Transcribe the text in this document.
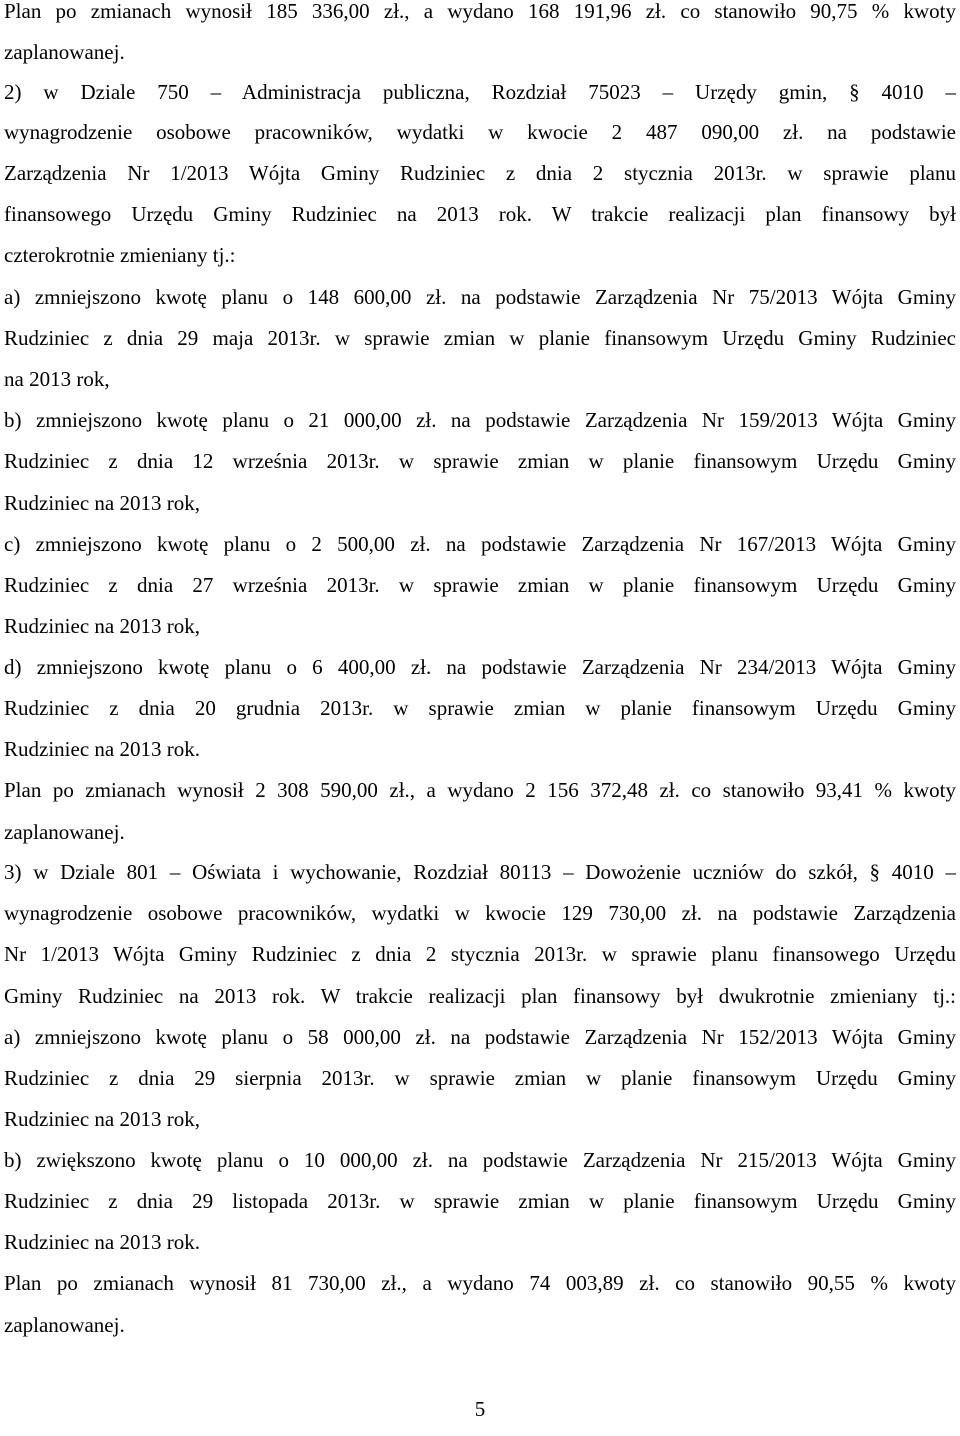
Plan po zmianach wynosił 185 336,00 zł., a wydano 168 191,96 zł. co stanowiło 90,75 % kwoty
zaplanowanej.
2) w Dziale 750 – Administracja publiczna, Rozdział 75023 – Urzędy gmin, § 4010 –
wynagrodzenie osobowe pracowników, wydatki w kwocie 2 487 090,00 zł. na podstawie
Zarządzenia Nr 1/2013 Wójta Gminy Rudziniec z dnia 2 stycznia 2013r. w sprawie planu
finansowego Urzędu Gminy Rudziniec na 2013 rok. W trakcie realizacji plan finansowy był
czterokrotnie zmieniany tj.:
a) zmniejszono kwotę planu o 148 600,00 zł. na podstawie Zarządzenia Nr 75/2013 Wójta Gminy
Rudziniec z dnia 29 maja 2013r. w sprawie zmian w planie finansowym Urzędu Gminy Rudziniec
na 2013 rok,
b) zmniejszono kwotę planu o 21 000,00 zł. na podstawie Zarządzenia Nr 159/2013 Wójta Gminy
Rudziniec z dnia 12 września 2013r. w sprawie zmian w planie finansowym Urzędu Gminy
Rudziniec na 2013 rok,
c) zmniejszono kwotę planu o 2 500,00 zł. na podstawie Zarządzenia Nr 167/2013 Wójta Gminy
Rudziniec z dnia 27 września 2013r. w sprawie zmian w planie finansowym Urzędu Gminy
Rudziniec na 2013 rok,
d) zmniejszono kwotę planu o 6 400,00 zł. na podstawie Zarządzenia Nr 234/2013 Wójta Gminy
Rudziniec z dnia 20 grudnia 2013r. w sprawie zmian w planie finansowym Urzędu Gminy
Rudziniec na 2013 rok.
Plan po zmianach wynosił 2 308 590,00 zł., a wydano 2 156 372,48 zł. co stanowiło 93,41 % kwoty
zaplanowanej.
3) w Dziale 801 – Oświata i wychowanie, Rozdział 80113 – Dowożenie uczniów do szkół, § 4010 –
wynagrodzenie osobowe pracowników, wydatki w kwocie 129 730,00 zł. na podstawie Zarządzenia
Nr 1/2013 Wójta Gminy Rudziniec z dnia 2 stycznia 2013r. w sprawie planu finansowego Urzędu
Gminy Rudziniec na 2013 rok. W trakcie realizacji plan finansowy był dwukrotnie zmieniany tj.:
a) zmniejszono kwotę planu o 58 000,00 zł. na podstawie Zarządzenia Nr 152/2013 Wójta Gminy
Rudziniec z dnia 29 sierpnia 2013r. w sprawie zmian w planie finansowym Urzędu Gminy
Rudziniec na 2013 rok,
b) zwiększono kwotę planu o 10 000,00 zł. na podstawie Zarządzenia Nr 215/2013 Wójta Gminy
Rudziniec z dnia 29 listopada 2013r. w sprawie zmian w planie finansowym Urzędu Gminy
Rudziniec na 2013 rok.
Plan po zmianach wynosił 81 730,00 zł., a wydano 74 003,89 zł. co stanowiło 90,55 % kwoty
zaplanowanej.
5
